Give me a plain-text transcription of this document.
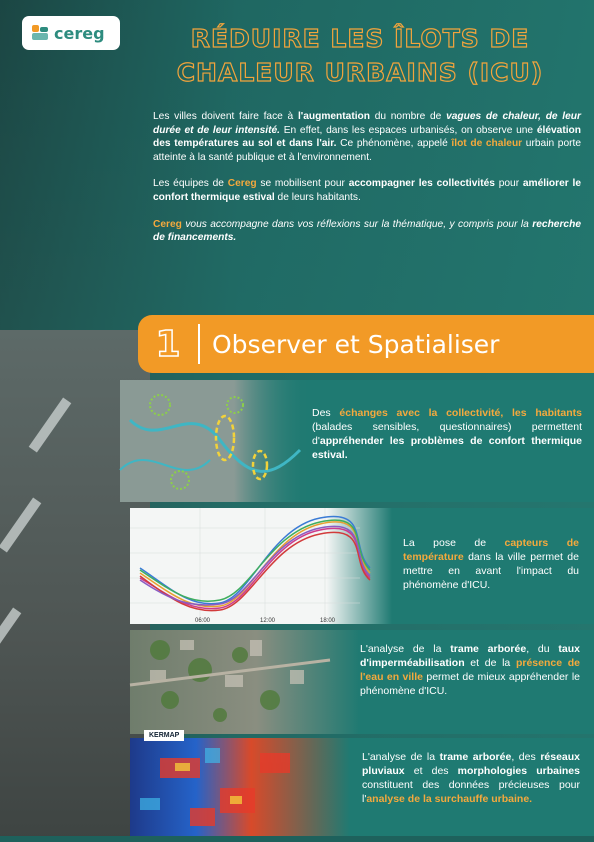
cereg	RÉDUIRE LES ÎLOTS DE
CHALEUR URBAINS (ICU)

Les villes doivent faire face à l'augmentation du nombre de vagues de chaleur, de leur durée et de leur intensité. En effet, dans les espaces urbanisés, on observe une élévation des températures au sol et dans l'air. Ce phénomène, appelé îlot de chaleur urbain porte atteinte à la santé publique et à l'environnement.

Les équipes de Cereg se mobilisent pour accompagner les collectivités pour améliorer le confort thermique estival de leurs habitants.

Cereg vous accompagne dans vos réflexions sur la thématique, y compris pour la recherche de financements.

1	Observer et Spatialiser
Des échanges avec la collectivité, les habitants (balades sensibles, questionnaires) permettent d'appréhender les problèmes de confort thermique estival.
06:00	12:00	18:00
La pose de capteurs de température dans la ville permet de mettre en avant l'impact du phénomène d'ICU.
L'analyse de la trame arborée, du taux d'imperméabilisation et de la présence de l'eau en ville permet de mieux appréhender le phénomène d'ICU.
KERMAP
L'analyse de la trame arborée, des réseaux pluviaux et des morphologies urbaines constituent des données précieuses pour l'analyse de la surchauffe urbaine.
